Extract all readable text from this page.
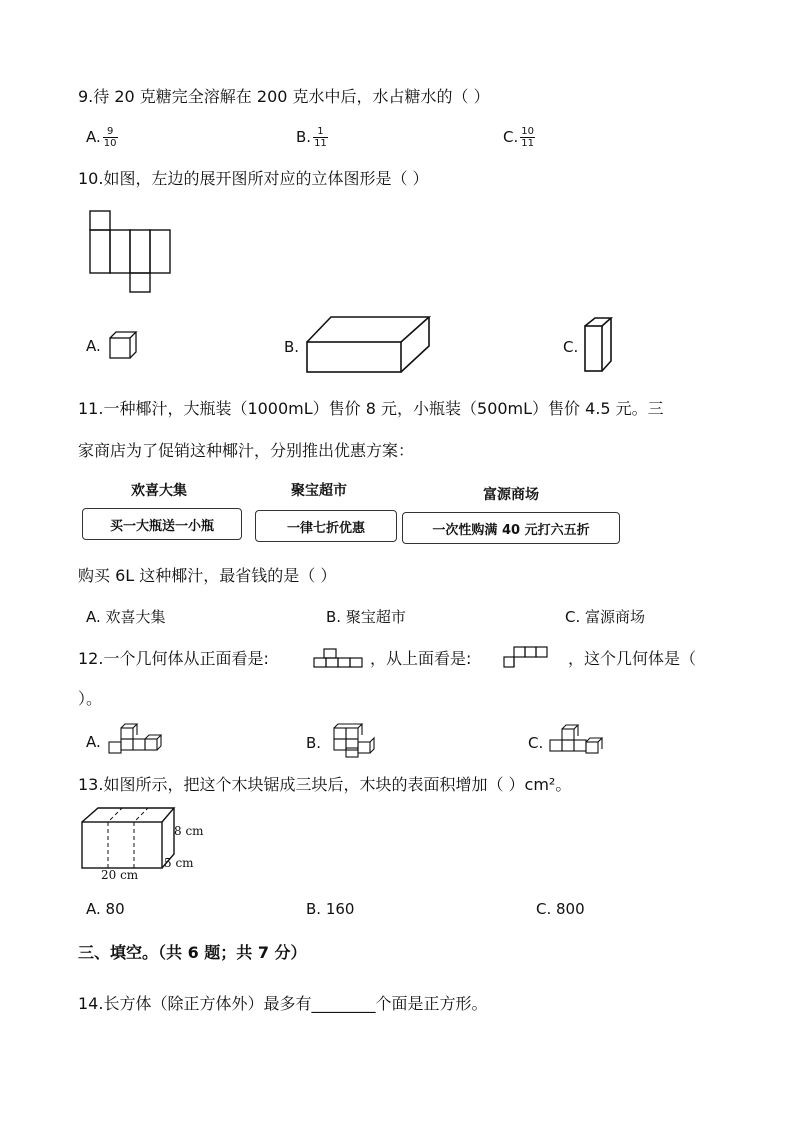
9.待 20 克糖完全溶解在 200 克水中后，水占糖水的（ ）
A. $\frac{9}{10}$	B. $\frac{1}{11}$	C. $\frac{10}{11}$
10.如图，左边的展开图所对应的立体图形是（ ）
A.	B.	C.
11.一种椰汁，大瓶装（1000mL）售价 8 元，小瓶装（500mL）售价 4.5 元。三
家商店为了促销这种椰汁，分别推出优惠方案：
欢喜大集	聚宝超市	富源商场
买一大瓶送一小瓶	一律七折优惠	一次性购满 40 元打六五折
购买 6L 这种椰汁，最省钱的是（ ）
A. 欢喜大集	B. 聚宝超市	C. 富源商场
12.一个几何体从正面看是:	，从上面看是:	，这个几何体是（
）。
A.	B.	C.
13.如图所示，把这个木块锯成三块后，木块的表面积增加（ ）cm²。
8 cm
5 cm
20 cm
A. 80	B. 160	C. 800
三、填空。（共 6 题；共 7 分）
14.长方体（除正方体外）最多有________个面是正方形。
